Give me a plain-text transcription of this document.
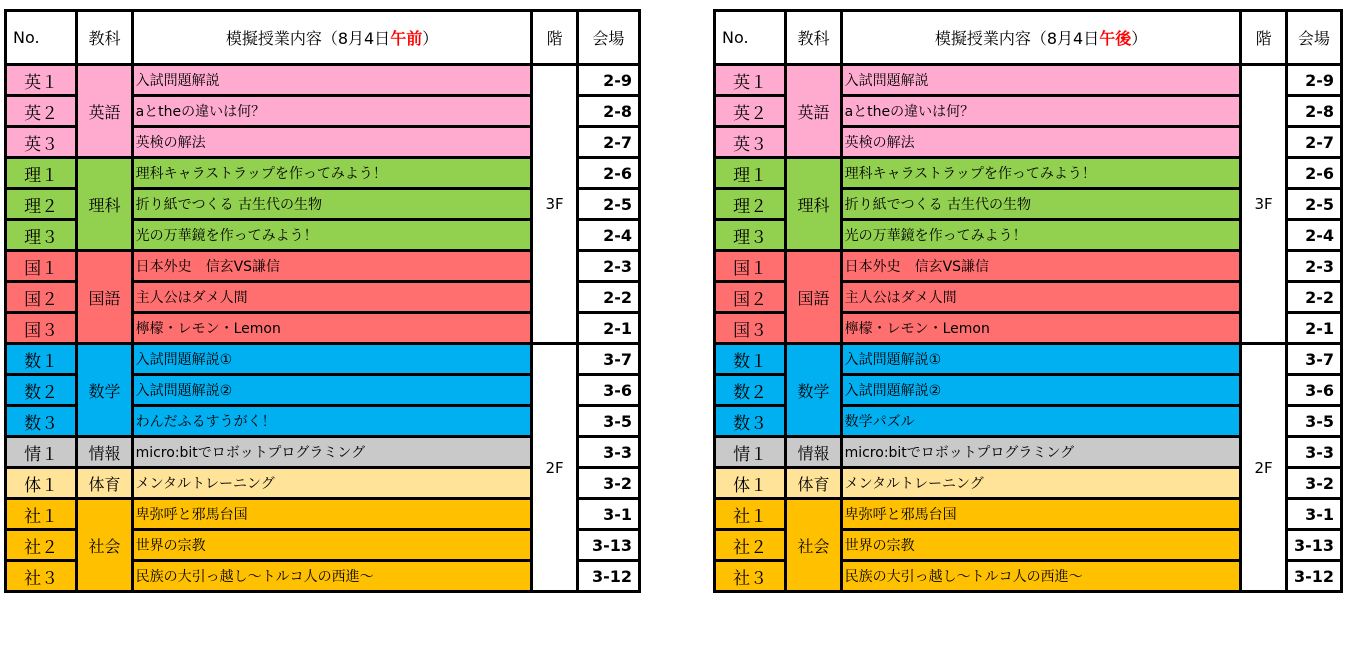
No.	教科	模擬授業内容（8月4日午前）	階	会場
英１	英語	入試問題解説	3F	2-9
英２		aとtheの違いは何？		2-8
英３		英検の解法		2-7
理１	理科	理科キャラストラップを作ってみよう！		2-6
理２		折り紙でつくる 古生代の生物		2-5
理３		光の万華鏡を作ってみよう！		2-4
国１	国語	日本外史　信玄VS謙信		2-3
国２		主人公はダメ人間		2-2
国３		檸檬・レモン・Lemon		2-1
数１	数学	入試問題解説①	2F	3-7
数２		入試問題解説②		3-6
数３		わんだふるすうがく！		3-5
情１	情報	micro:bitでロボットプログラミング		3-3
体１	体育	メンタルトレーニング		3-2
社１	社会	卑弥呼と邪馬台国		3-1
社２		世界の宗教		3-13
社３		民族の大引っ越し～トルコ人の西進～		3-12
No.	教科	模擬授業内容（8月4日午後）	階	会場
英１	英語	入試問題解説	3F	2-9
英２		aとtheの違いは何？		2-8
英３		英検の解法		2-7
理１	理科	理科キャラストラップを作ってみよう！		2-6
理２		折り紙でつくる 古生代の生物		2-5
理３		光の万華鏡を作ってみよう！		2-4
国１	国語	日本外史　信玄VS謙信		2-3
国２		主人公はダメ人間		2-2
国３		檸檬・レモン・Lemon		2-1
数１	数学	入試問題解説①	2F	3-7
数２		入試問題解説②		3-6
数３		数学パズル		3-5
情１	情報	micro:bitでロボットプログラミング		3-3
体１	体育	メンタルトレーニング		3-2
社１	社会	卑弥呼と邪馬台国		3-1
社２		世界の宗教		3-13
社３		民族の大引っ越し～トルコ人の西進～		3-12
